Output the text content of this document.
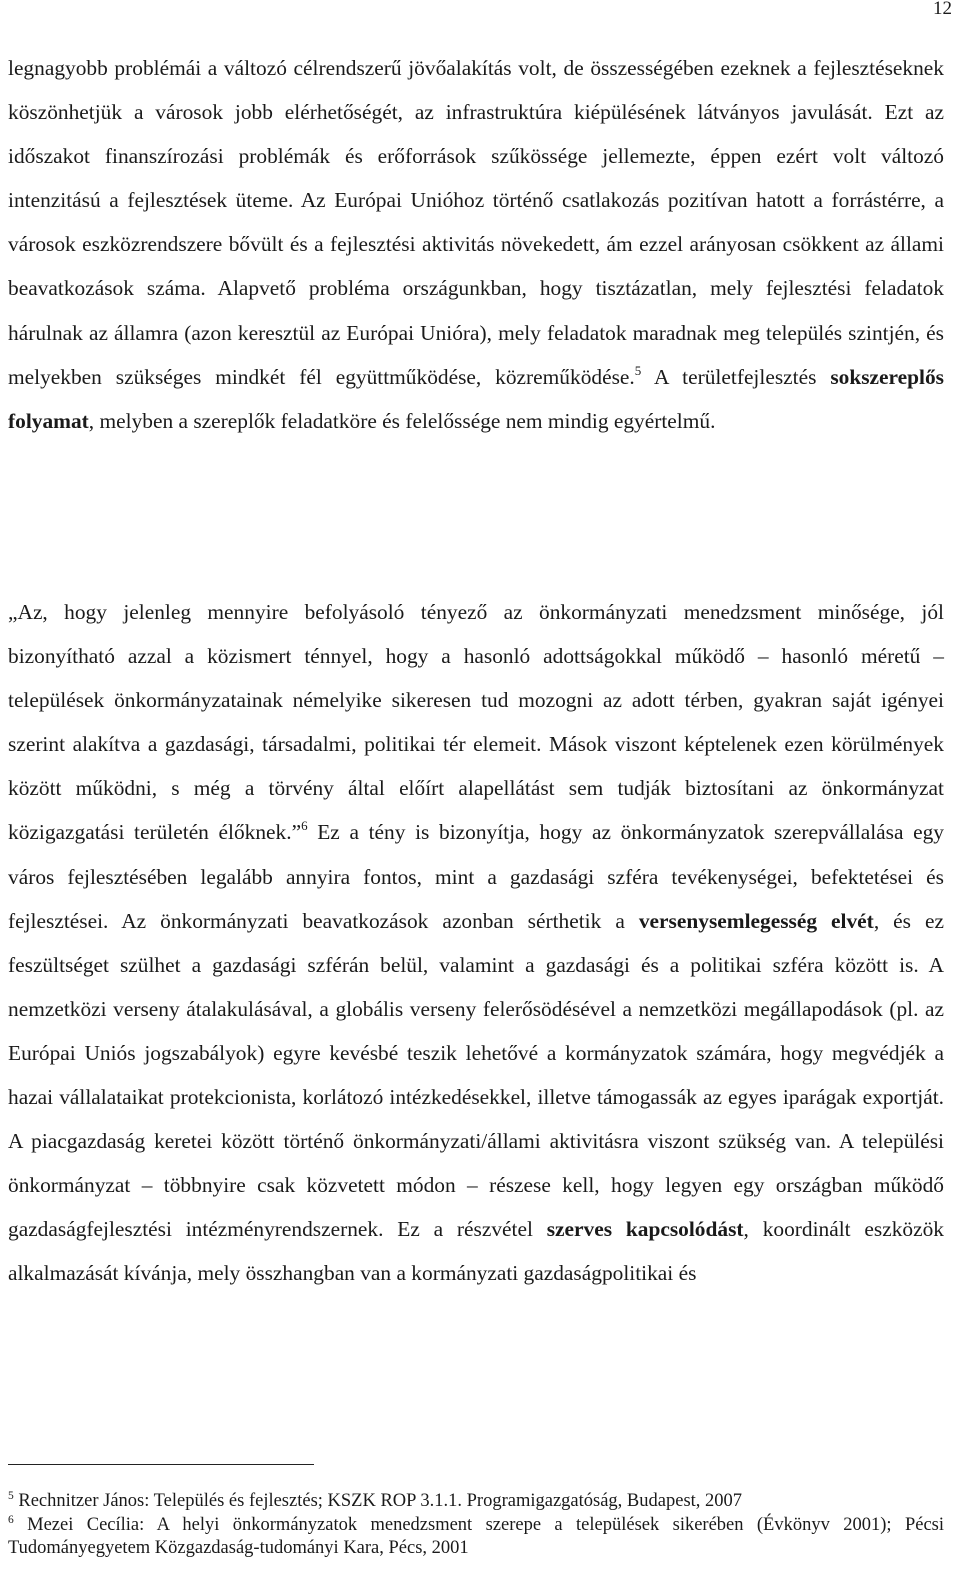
12
legnagyobb problémái a változó célrendszerű jövőalakítás volt, de összességében ezeknek a fejlesztéseknek köszönhetjük a városok jobb elérhetőségét, az infrastruktúra kiépülésének látványos javulását. Ezt az időszakot finanszírozási problémák és erőforrások szűkössége jellemezte, éppen ezért volt változó intenzitású a fejlesztések üteme. Az Európai Unióhoz történő csatlakozás pozitívan hatott a forrástérre, a városok eszközrendszere bővült és a fejlesztési aktivitás növekedett, ám ezzel arányosan csökkent az állami beavatkozások száma. Alapvető probléma országunkban, hogy tisztázatlan, mely fejlesztési feladatok hárulnak az államra (azon keresztül az Európai Unióra), mely feladatok maradnak meg település szintjén, és melyekben szükséges mindkét fél együttműködése, közreműködése.$^5$ A területfejlesztés sokszereplős folyamat, melyben a szereplők feladatköre és felelőssége nem mindig egyértelmű.
„Az, hogy jelenleg mennyire befolyásoló tényező az önkormányzati menedzsment minősége, jól bizonyítható azzal a közismert ténnyel, hogy a hasonló adottságokkal működő – hasonló méretű – települések önkormányzatainak némelyike sikeresen tud mozogni az adott térben, gyakran saját igényei szerint alakítva a gazdasági, társadalmi, politikai tér elemeit. Mások viszont képtelenek ezen körülmények között működni, s még a törvény által előírt alapellátást sem tudják biztosítani az önkormányzat közigazgatási területén élőknek.”$^6$ Ez a tény is bizonyítja, hogy az önkormányzatok szerepvállalása egy város fejlesztésében legalább annyira fontos, mint a gazdasági szféra tevékenységei, befektetései és fejlesztései. Az önkormányzati beavatkozások azonban sérthetik a versenysemlegesség elvét, és ez feszültséget szülhet a gazdasági szférán belül, valamint a gazdasági és a politikai szféra között is. A nemzetközi verseny átalakulásával, a globális verseny felerősödésével a nemzetközi megállapodások (pl. az Európai Uniós jogszabályok) egyre kevésbé teszik lehetővé a kormányzatok számára, hogy megvédjék a hazai vállalataikat protekcionista, korlátozó intézkedésekkel, illetve támogassák az egyes iparágak exportját. A piacgazdaság keretei között történő önkormányzati/állami aktivitásra viszont szükség van. A települési önkormányzat – többnyire csak közvetett módon – részese kell, hogy legyen egy országban működő gazdaságfejlesztési intézményrendszernek. Ez a részvétel szerves kapcsolódást, koordinált eszközök alkalmazását kívánja, mely összhangban van a kormányzati gazdaságpolitikai és

$^5$ Rechnitzer János: Település és fejlesztés; KSZK ROP 3.1.1. Programigazgatóság, Budapest, 2007

$^6$ Mezei Cecília: A helyi önkormányzatok menedzsment szerepe a települések sikerében (Évkönyv 2001); Pécsi Tudományegyetem Közgazdaság-tudományi Kara, Pécs, 2001
